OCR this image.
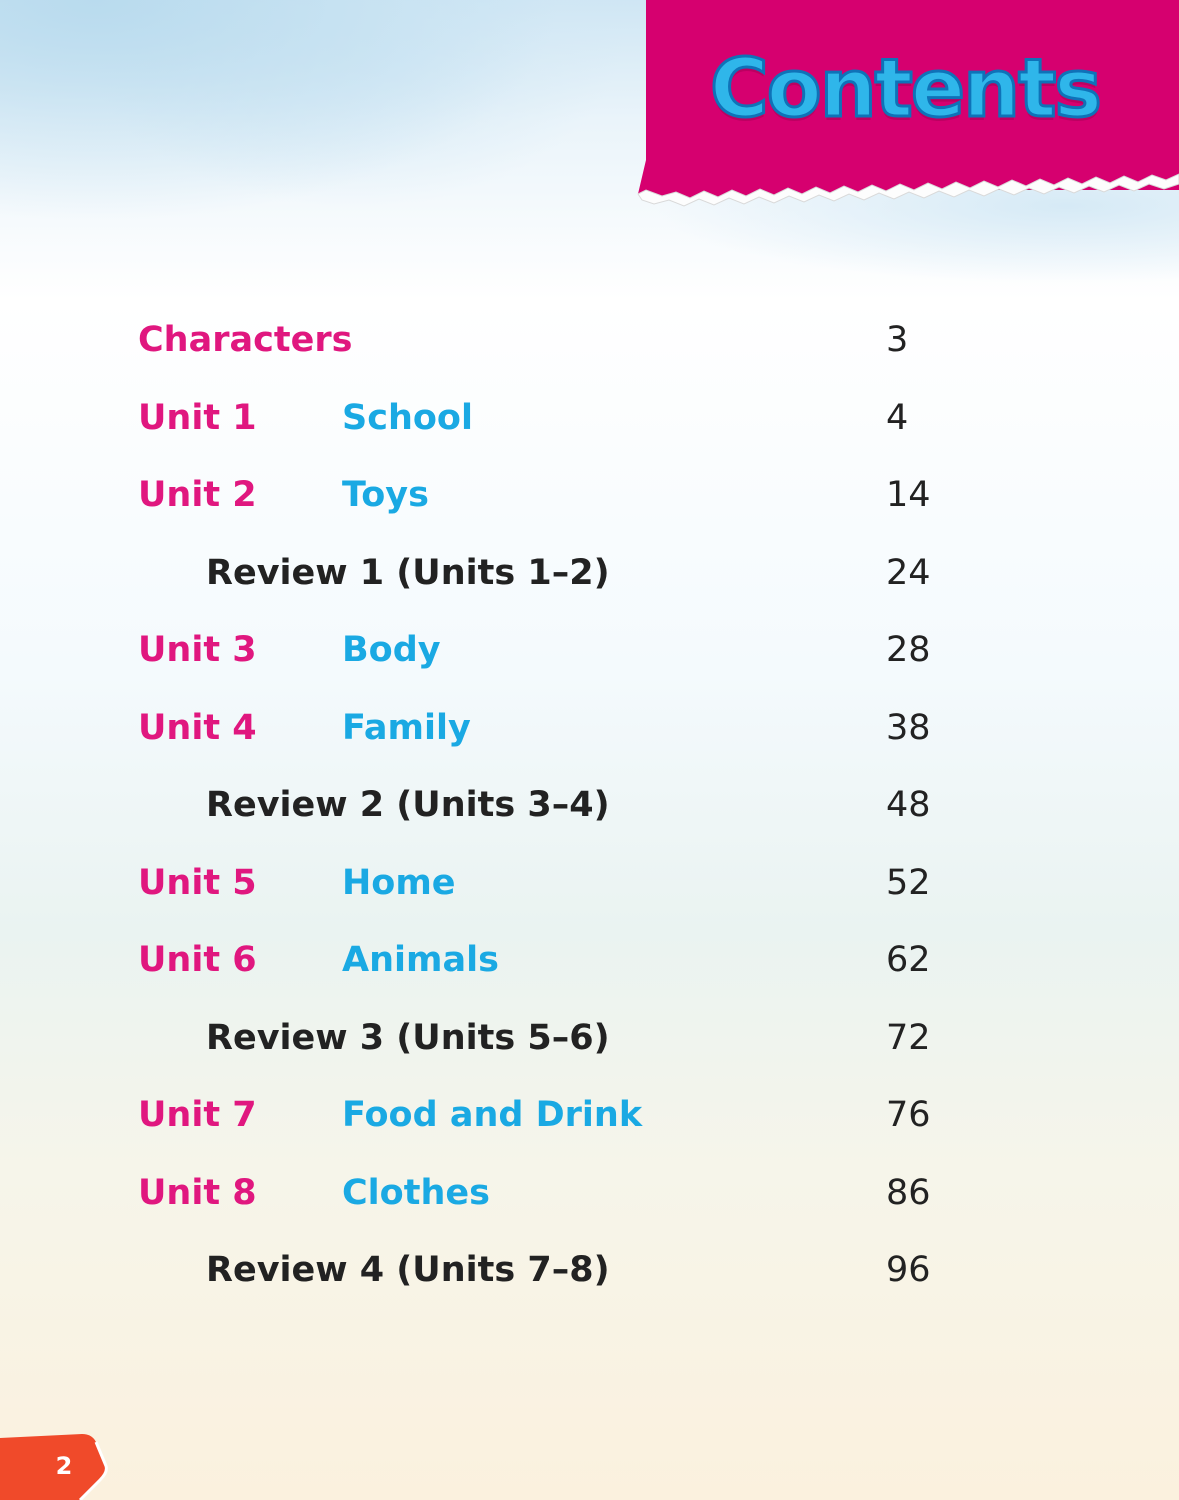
Contents
Characters	3
Unit 1 School	4
Unit 2 Toys	14
Review 1 (Units 1–2)	24
Unit 3 Body	28
Unit 4 Family	38
Review 2 (Units 3–4)	48
Unit 5 Home	52
Unit 6 Animals	62
Review 3 (Units 5–6)	72
Unit 7 Food and Drink	76
Unit 8 Clothes	86
Review 4 (Units 7–8)	96
2
